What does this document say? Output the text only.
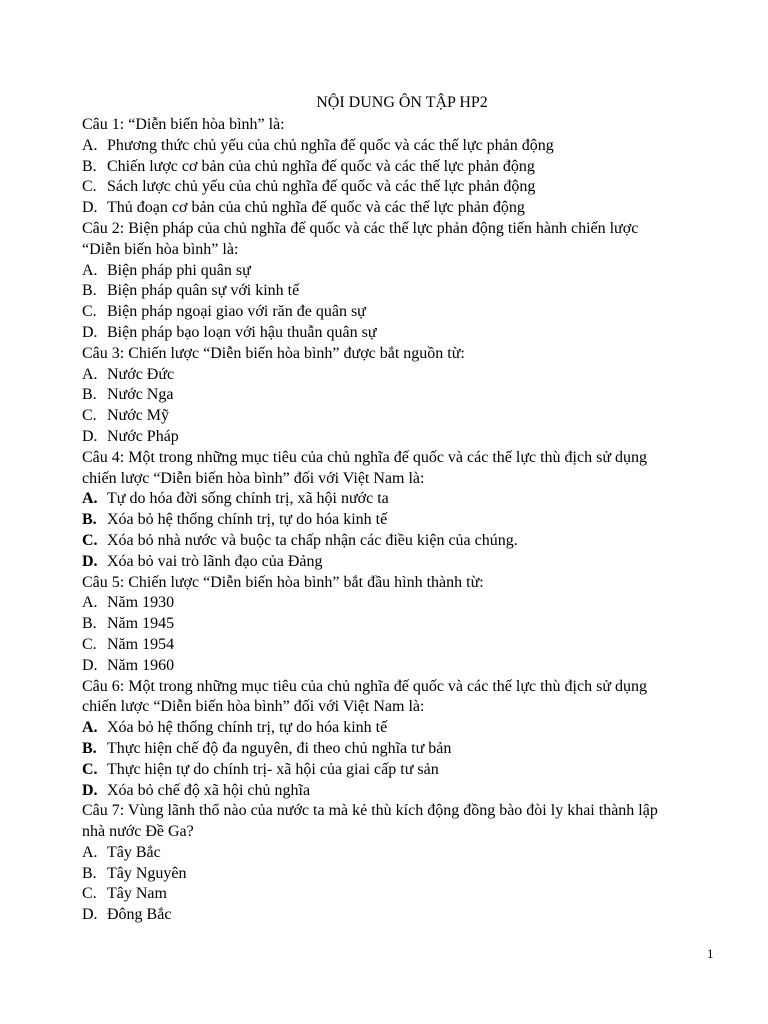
NỘI DUNG ÔN TẬP HP2
Câu 1: “Diễn biến hòa bình” là:
A. Phương thức chủ yếu của chủ nghĩa đế quốc và các thế lực phản động
B. Chiến lược cơ bản của chủ nghĩa đế quốc và các thế lực phản động
C. Sách lược chủ yếu của chủ nghĩa đế quốc và các thế lực phản động
D. Thủ đoạn cơ bản của chủ nghĩa đế quốc và các thế lực phản động
Câu 2: Biện pháp của chủ nghĩa đế quốc và các thế lực phản động tiến hành chiến lược
“Diễn biến hòa bình” là:
A. Biện pháp phi quân sự
B. Biện pháp quân sự với kinh tế
C. Biện pháp ngoại giao với răn đe quân sự
D. Biện pháp bạo loạn với hậu thuẫn quân sự
Câu 3: Chiến lược “Diễn biến hòa bình” được bắt nguồn từ:
A. Nước Đức
B. Nước Nga
C. Nước Mỹ
D. Nước Pháp
Câu 4: Một trong những mục tiêu của chủ nghĩa đế quốc và các thế lực thù địch sử dụng
chiến lược “Diễn biến hòa bình” đối với Việt Nam là:
A. Tự do hóa đời sống chính trị, xã hội nước ta
B. Xóa bỏ hệ thống chính trị, tự do hóa kinh tế
C. Xóa bỏ nhà nước và buộc ta chấp nhận các điều kiện của chúng.
D. Xóa bỏ vai trò lãnh đạo của Đảng
Câu 5: Chiến lược “Diễn biến hòa bình” bắt đầu hình thành từ:
A. Năm 1930
B. Năm 1945
C. Năm 1954
D. Năm 1960
Câu 6: Một trong những mục tiêu của chủ nghĩa đế quốc và các thế lực thù địch sử dụng
chiến lược “Diễn biến hòa bình” đối với Việt Nam là:
A. Xóa bỏ hệ thống chính trị, tự do hóa kinh tế
B. Thực hiện chế độ đa nguyên, đi theo chủ nghĩa tư bản
C. Thực hiện tự do chính trị- xã hội của giai cấp tư sản
D. Xóa bỏ chế độ xã hội chủ nghĩa
Câu 7: Vùng lãnh thổ nào của nước ta mà kẻ thù kích động đồng bào đòi ly khai thành lập
nhà nước Đề Ga?
A. Tây Bắc
B. Tây Nguyên
C. Tây Nam
D. Đông Bắc
1
